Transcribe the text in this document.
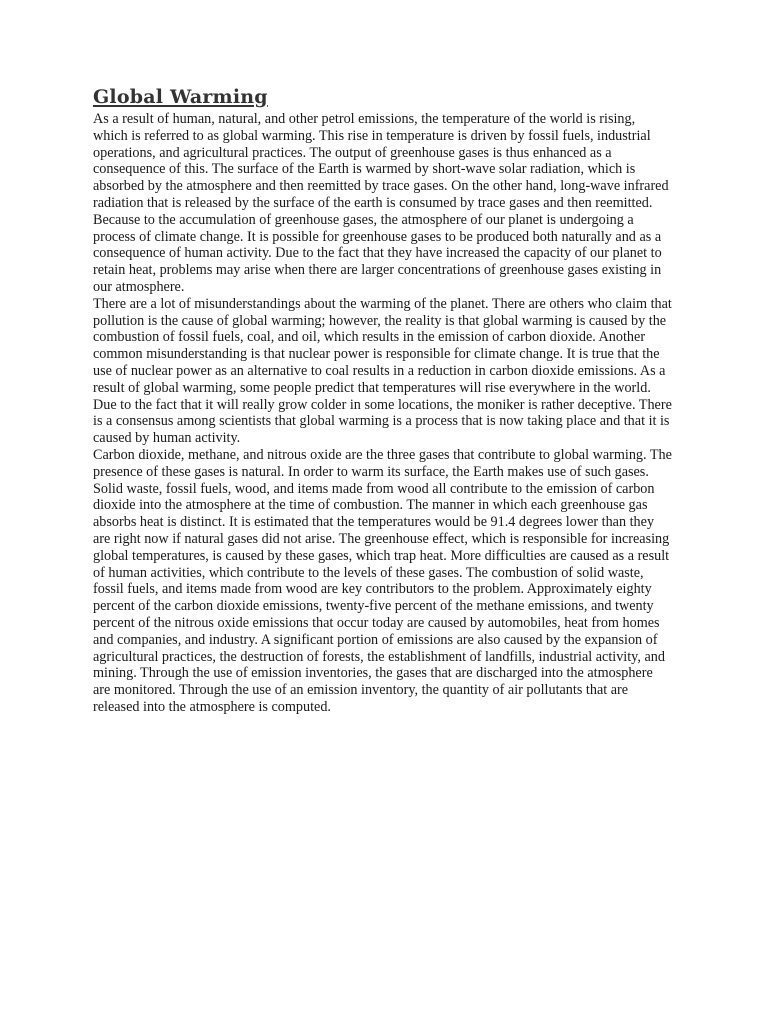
Global Warming

As a result of human, natural, and other petrol emissions, the temperature of the world is rising, which is referred to as global warming. This rise in temperature is driven by fossil fuels, industrial operations, and agricultural practices. The output of greenhouse gases is thus enhanced as a consequence of this. The surface of the Earth is warmed by short-wave solar radiation, which is absorbed by the atmosphere and then reemitted by trace gases. On the other hand, long-wave infrared radiation that is released by the surface of the earth is consumed by trace gases and then reemitted.

Because to the accumulation of greenhouse gases, the atmosphere of our planet is undergoing a process of climate change. It is possible for greenhouse gases to be produced both naturally and as a consequence of human activity. Due to the fact that they have increased the capacity of our planet to retain heat, problems may arise when there are larger concentrations of greenhouse gases existing in our atmosphere.

There are a lot of misunderstandings about the warming of the planet. There are others who claim that pollution is the cause of global warming; however, the reality is that global warming is caused by the combustion of fossil fuels, coal, and oil, which results in the emission of carbon dioxide. Another common misunderstanding is that nuclear power is responsible for climate change. It is true that the use of nuclear power as an alternative to coal results in a reduction in carbon dioxide emissions. As a result of global warming, some people predict that temperatures will rise everywhere in the world. Due to the fact that it will really grow colder in some locations, the moniker is rather deceptive. There is a consensus among scientists that global warming is a process that is now taking place and that it is caused by human activity.

Carbon dioxide, methane, and nitrous oxide are the three gases that contribute to global warming. The presence of these gases is natural. In order to warm its surface, the Earth makes use of such gases. Solid waste, fossil fuels, wood, and items made from wood all contribute to the emission of carbon dioxide into the atmosphere at the time of combustion. The manner in which each greenhouse gas absorbs heat is distinct. It is estimated that the temperatures would be 91.4 degrees lower than they are right now if natural gases did not arise. The greenhouse effect, which is responsible for increasing global temperatures, is caused by these gases, which trap heat. More difficulties are caused as a result of human activities, which contribute to the levels of these gases. The combustion of solid waste, fossil fuels, and items made from wood are key contributors to the problem. Approximately eighty percent of the carbon dioxide emissions, twenty-five percent of the methane emissions, and twenty percent of the nitrous oxide emissions that occur today are caused by automobiles, heat from homes and companies, and industry. A significant portion of emissions are also caused by the expansion of agricultural practices, the destruction of forests, the establishment of landfills, industrial activity, and mining. Through the use of emission inventories, the gases that are discharged into the atmosphere are monitored. Through the use of an emission inventory, the quantity of air pollutants that are released into the atmosphere is computed.
